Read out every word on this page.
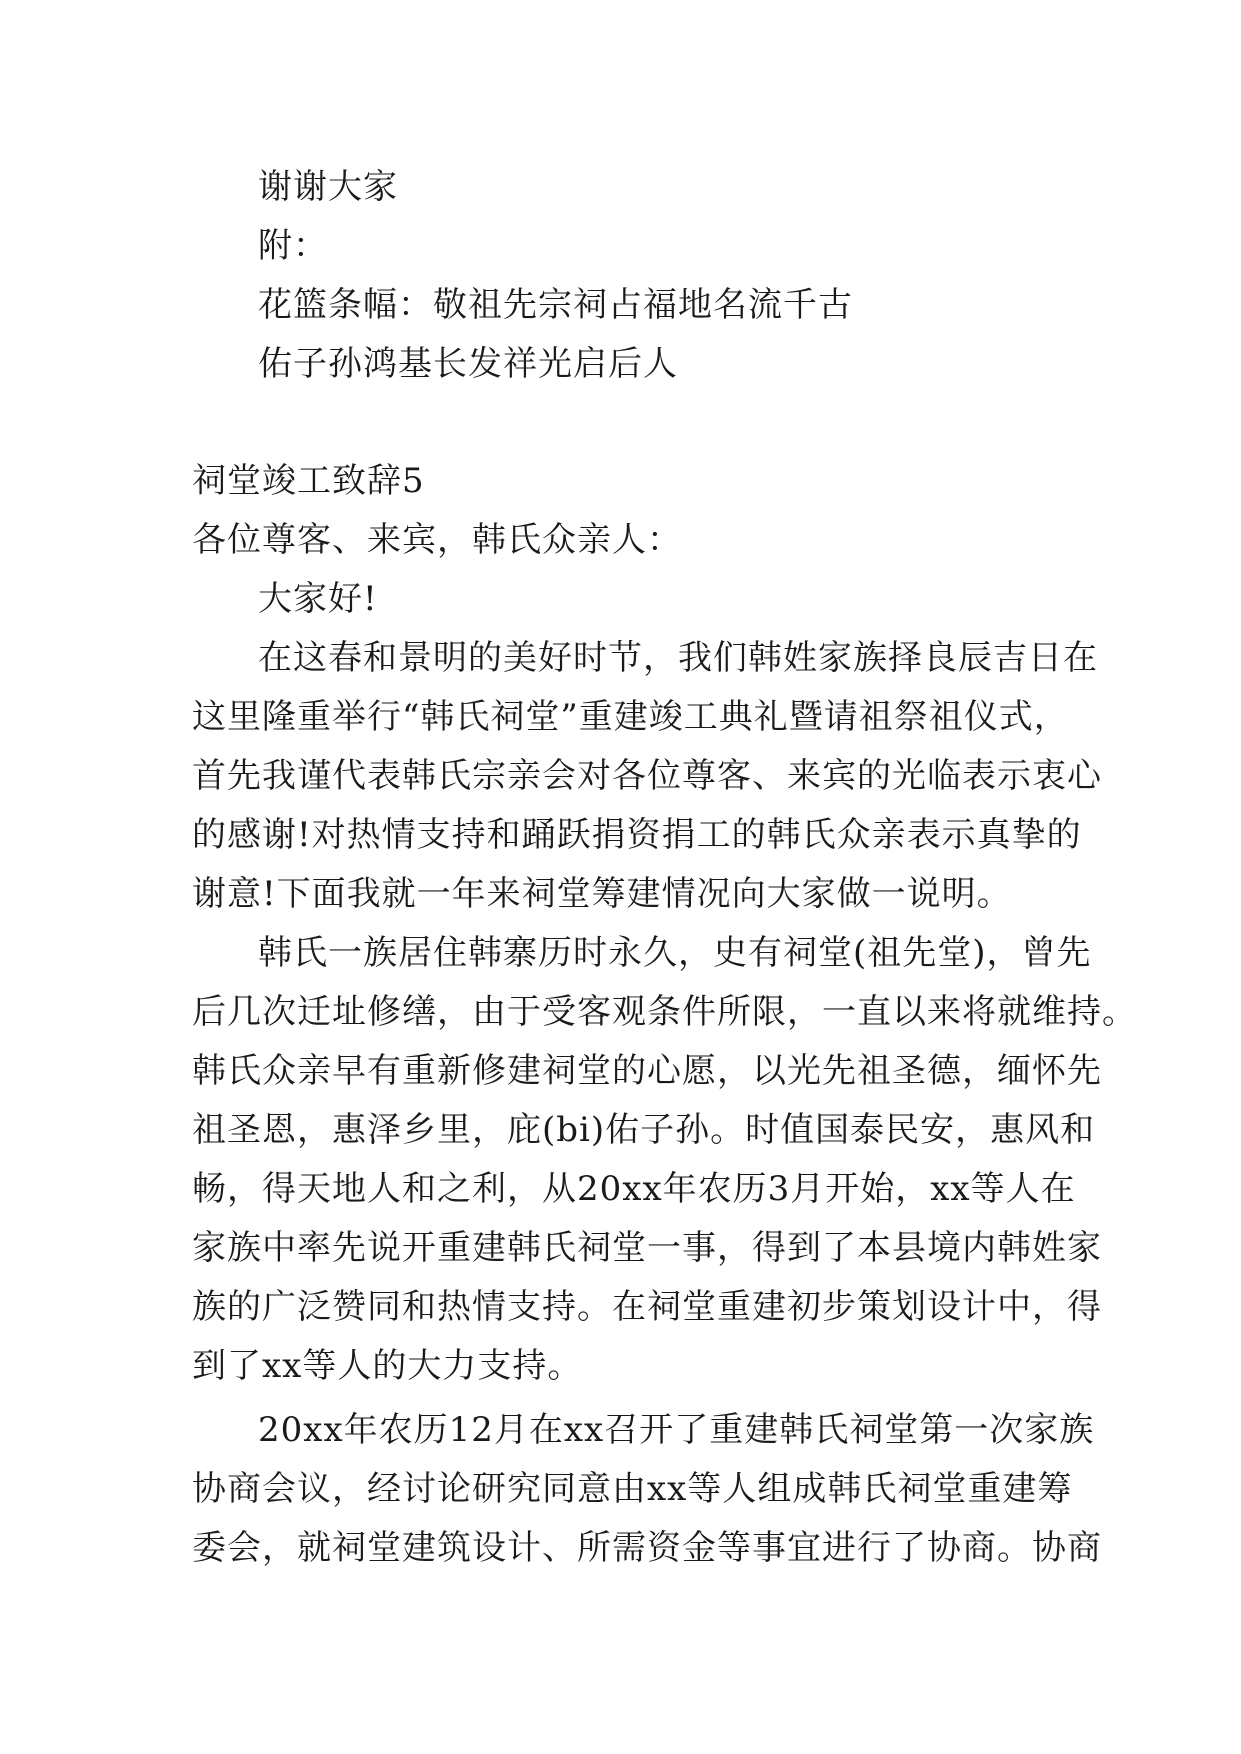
谢谢大家
附：
花篮条幅：敬祖先宗祠占福地名流千古
佑子孙鸿基长发祥光启后人
祠堂竣工致辞5
各位尊客、来宾，韩氏众亲人：
大家好!
在这春和景明的美好时节，我们韩姓家族择良辰吉日在
这里隆重举行“韩氏祠堂”重建竣工典礼暨请祖祭祖仪式，
首先我谨代表韩氏宗亲会对各位尊客、来宾的光临表示衷心
的感谢!对热情支持和踊跃捐资捐工的韩氏众亲表示真挚的
谢意!下面我就一年来祠堂筹建情况向大家做一说明。
韩氏一族居住韩寨历时永久，史有祠堂(祖先堂)，曾先
后几次迁址修缮，由于受客观条件所限，一直以来将就维持。
韩氏众亲早有重新修建祠堂的心愿，以光先祖圣德，缅怀先
祖圣恩，惠泽乡里，庇(bi)佑子孙。时值国泰民安，惠风和
畅，得天地人和之利，从20xx年农历3月开始，xx等人在
家族中率先说开重建韩氏祠堂一事，得到了本县境内韩姓家
族的广泛赞同和热情支持。在祠堂重建初步策划设计中，得
到了xx等人的大力支持。
20xx年农历12月在xx召开了重建韩氏祠堂第一次家族
协商会议，经讨论研究同意由xx等人组成韩氏祠堂重建筹
委会，就祠堂建筑设计、所需资金等事宜进行了协商。协商
